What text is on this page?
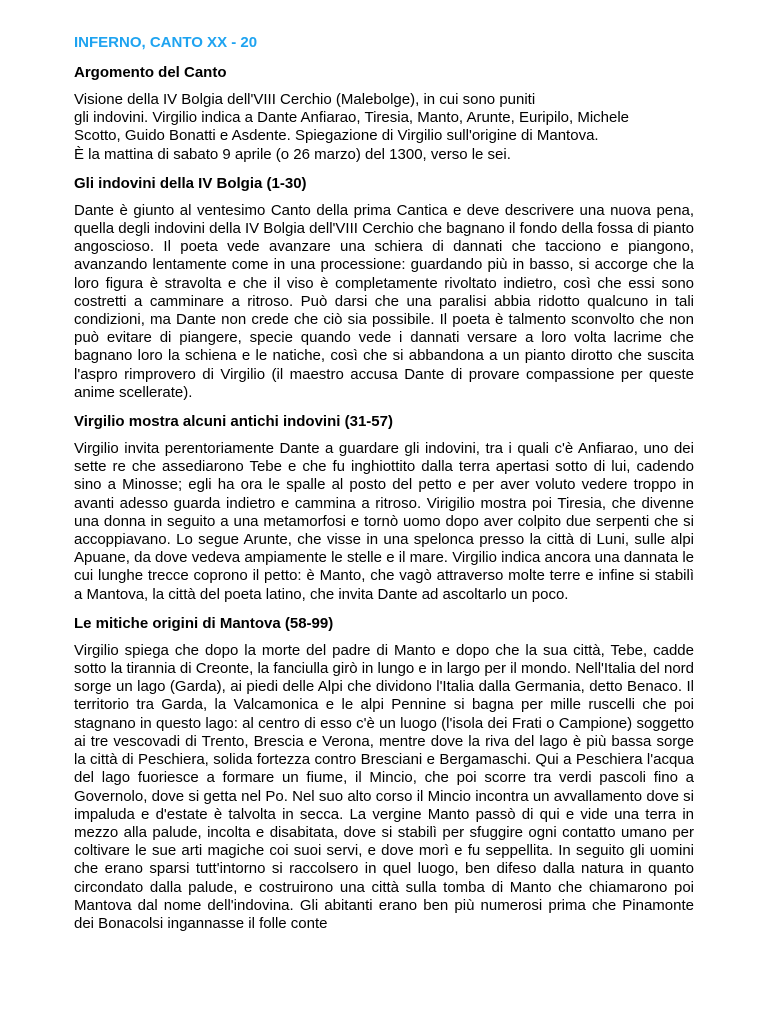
INFERNO, CANTO XX - 20
Argomento del Canto

Visione della IV Bolgia dell'VIII Cerchio (Malebolge), in cui sono puniti
gli indovini. Virgilio indica a Dante Anfiarao, Tiresia, Manto, Arunte, Euripilo, Michele
Scotto, Guido Bonatti e Asdente. Spiegazione di Virgilio sull'origine di Mantova.
È la mattina di sabato 9 aprile (o 26 marzo) del 1300, verso le sei.

Gli indovini della IV Bolgia (1-30)

Dante è giunto al ventesimo Canto della prima Cantica e deve descrivere una nuova pena, quella degli indovini della IV Bolgia dell'VIII Cerchio che bagnano il fondo della fossa di pianto angoscioso. Il poeta vede avanzare una schiera di dannati che tacciono e piangono, avanzando lentamente come in una processione: guardando più in basso, si accorge che la loro figura è stravolta e che il viso è completamente rivoltato indietro, così che essi sono costretti a camminare a ritroso. Può darsi che una paralisi abbia ridotto qualcuno in tali condizioni, ma Dante non crede che ciò sia possibile. Il poeta è talmento sconvolto che non può evitare di piangere, specie quando vede i dannati versare a loro volta lacrime che bagnano loro la schiena e le natiche, così che si abbandona a un pianto dirotto che suscita l'aspro rimprovero di Virgilio (il maestro accusa Dante di provare compassione per queste anime scellerate).

Virgilio mostra alcuni antichi indovini (31-57)

Virgilio invita perentoriamente Dante a guardare gli indovini, tra i quali c'è Anfiarao, uno dei sette re che assediarono Tebe e che fu inghiottito dalla terra apertasi sotto di lui, cadendo sino a Minosse; egli ha ora le spalle al posto del petto e per aver voluto vedere troppo in avanti adesso guarda indietro e cammina a ritroso. Virigilio mostra poi Tiresia, che divenne una donna in seguito a una metamorfosi e tornò uomo dopo aver colpito due serpenti che si accoppiavano. Lo segue Arunte, che visse in una spelonca presso la città di Luni, sulle alpi Apuane, da dove vedeva ampiamente le stelle e il mare. Virgilio indica ancora una dannata le cui lunghe trecce coprono il petto: è Manto, che vagò attraverso molte terre e infine si stabilì a Mantova, la città del poeta latino, che invita Dante ad ascoltarlo un poco.

Le mitiche origini di Mantova (58-99)

Virgilio spiega che dopo la morte del padre di Manto e dopo che la sua città, Tebe, cadde sotto la tirannia di Creonte, la fanciulla girò in lungo e in largo per il mondo. Nell'Italia del nord sorge un lago (Garda), ai piedi delle Alpi che dividono l'Italia dalla Germania, detto Benaco. Il territorio tra Garda, la Valcamonica e le alpi Pennine si bagna per mille ruscelli che poi stagnano in questo lago: al centro di esso c'è un luogo (l'isola dei Frati o Campione) soggetto ai tre vescovadi di Trento, Brescia e Verona, mentre dove la riva del lago è più bassa sorge la città di Peschiera, solida fortezza contro Bresciani e Bergamaschi. Qui a Peschiera l'acqua del lago fuoriesce a formare un fiume, il Mincio, che poi scorre tra verdi pascoli fino a Governolo, dove si getta nel Po. Nel suo alto corso il Mincio incontra un avvallamento dove si impaluda e d'estate è talvolta in secca. La vergine Manto passò di qui e vide una terra in mezzo alla palude, incolta e disabitata, dove si stabilì per sfuggire ogni contatto umano per coltivare le sue arti magiche coi suoi servi, e dove morì e fu seppellita. In seguito gli uomini che erano sparsi tutt'intorno si raccolsero in quel luogo, ben difeso dalla natura in quanto circondato dalla palude, e costruirono una città sulla tomba di Manto che chiamarono poi Mantova dal nome dell'indovina. Gli abitanti erano ben più numerosi prima che Pinamonte dei Bonacolsi ingannasse il folle conte
